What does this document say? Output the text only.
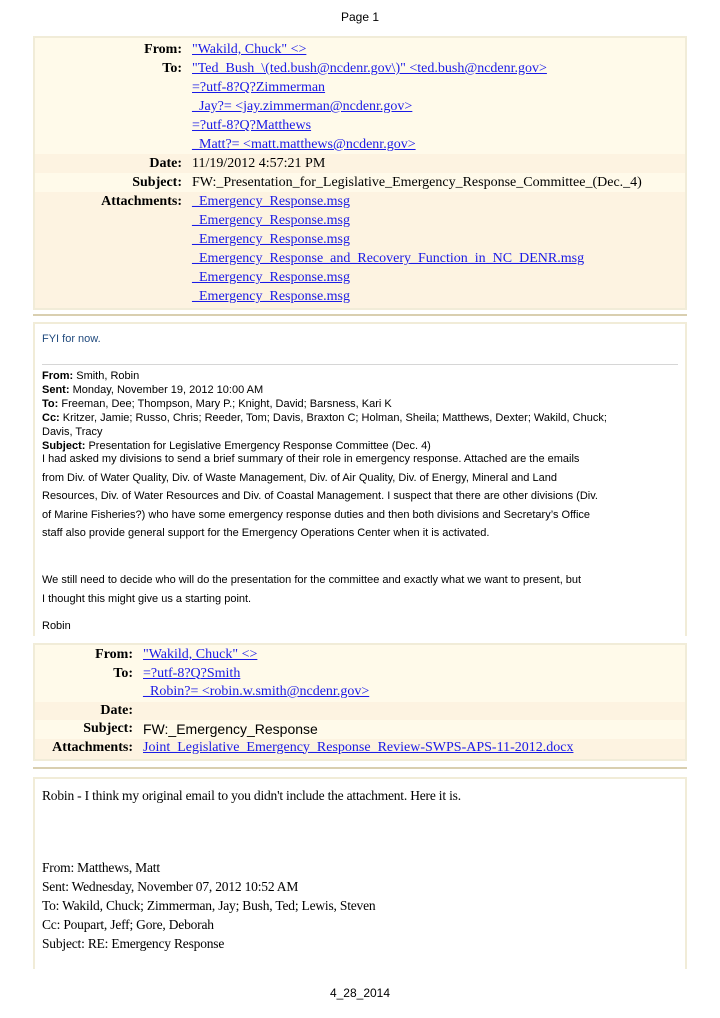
Page 1
From: "Wakild, Chuck" <>
To: "Ted_Bush_\(ted.bush@ncdenr.gov\)" <ted.bush@ncdenr.gov>
=?utf-8?Q?Zimmerman
_Jay?= <jay.zimmerman@ncdenr.gov>
=?utf-8?Q?Matthews
_Matt?= <matt.matthews@ncdenr.gov>
Date: 11/19/2012 4:57:21 PM
Subject: FW:_Presentation_for_Legislative_Emergency_Response_Committee_(Dec._4)
Attachments: _Emergency_Response.msg
_Emergency_Response.msg
_Emergency_Response.msg
_Emergency_Response_and_Recovery_Function_in_NC_DENR.msg
_Emergency_Response.msg
_Emergency_Response.msg
FYI for now.
From: Smith, Robin
Sent: Monday, November 19, 2012 10:00 AM
To: Freeman, Dee; Thompson, Mary P.; Knight, David; Barsness, Kari K
Cc: Kritzer, Jamie; Russo, Chris; Reeder, Tom; Davis, Braxton C; Holman, Sheila; Matthews, Dexter; Wakild, Chuck;
Davis, Tracy
Subject: Presentation for Legislative Emergency Response Committee (Dec. 4)
I had asked my divisions to send a brief summary of their role in emergency response. Attached are the emails
from Div. of Water Quality, Div. of Waste Management, Div. of Air Quality, Div. of Energy, Mineral and Land
Resources, Div. of Water Resources and Div. of Coastal Management. I suspect that there are other divisions (Div.
of Marine Fisheries?) who have some emergency response duties and then both divisions and Secretary’s Office
staff also provide general support for the Emergency Operations Center when it is activated.
We still need to decide who will do the presentation for the committee and exactly what we want to present, but
I thought this might give us a starting point.
Robin
From: "Wakild, Chuck" <>
To: =?utf-8?Q?Smith
_Robin?= <robin.w.smith@ncdenr.gov>
Date:

Subject: FW:_Emergency_Response
Attachments: Joint_Legislative_Emergency_Response_Review-SWPS-APS-11-2012.docx
Robin - I think my original email to you didn't include the attachment. Here it is.
From: Matthews, Matt
Sent: Wednesday, November 07, 2012 10:52 AM
To: Wakild, Chuck; Zimmerman, Jay; Bush, Ted; Lewis, Steven
Cc: Poupart, Jeff; Gore, Deborah
Subject: RE: Emergency Response
4_28_2014
